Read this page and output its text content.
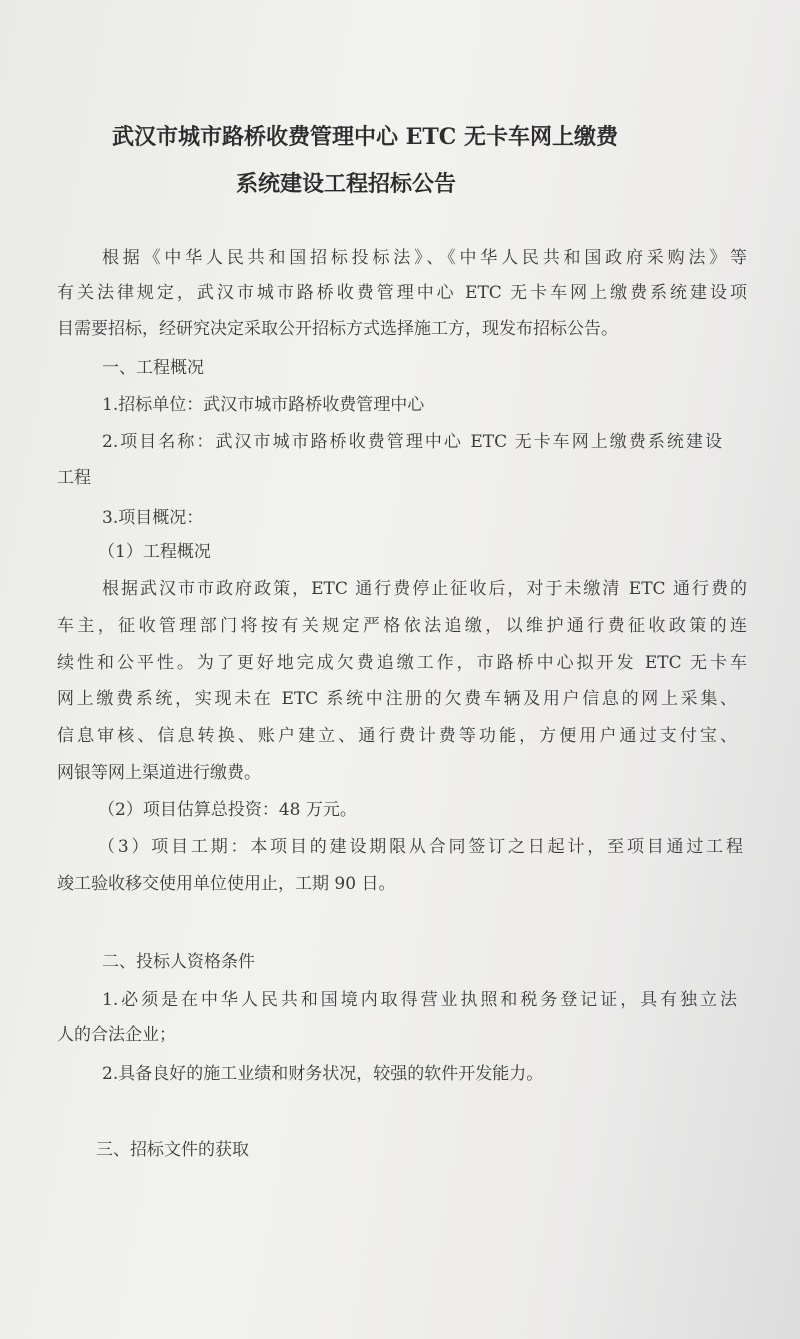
武汉市城市路桥收费管理中心 ETC 无卡车网上缴费
系统建设工程招标公告
根据《中华人民共和国招标投标法》、《中华人民共和国政府采购法》等
有关法律规定，武汉市城市路桥收费管理中心 ETC 无卡车网上缴费系统建设项
目需要招标，经研究决定采取公开招标方式选择施工方，现发布招标公告。
一、工程概况
1.招标单位：武汉市城市路桥收费管理中心
2.项目名称：武汉市城市路桥收费管理中心 ETC 无卡车网上缴费系统建设
工程
3.项目概况：
（1）工程概况
根据武汉市市政府政策，ETC 通行费停止征收后，对于未缴清 ETC 通行费的
车主，征收管理部门将按有关规定严格依法追缴，以维护通行费征收政策的连
续性和公平性。为了更好地完成欠费追缴工作，市路桥中心拟开发 ETC 无卡车
网上缴费系统，实现未在 ETC 系统中注册的欠费车辆及用户信息的网上采集、
信息审核、信息转换、账户建立、通行费计费等功能，方便用户通过支付宝、
网银等网上渠道进行缴费。
（2）项目估算总投资：48 万元。
（3）项目工期：本项目的建设期限从合同签订之日起计，至项目通过工程
竣工验收移交使用单位使用止，工期 90 日。
二、投标人资格条件
1.必须是在中华人民共和国境内取得营业执照和税务登记证，具有独立法
人的合法企业；
2.具备良好的施工业绩和财务状况，较强的软件开发能力。
三、招标文件的获取
